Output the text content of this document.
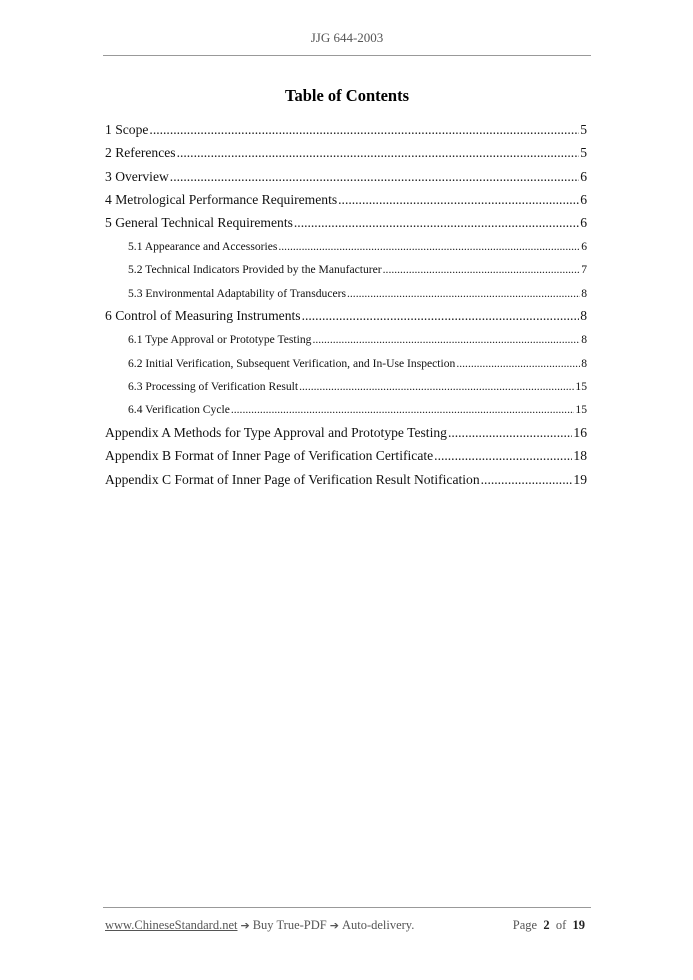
JJG 644-2003
Table of Contents
1 Scope .....	5
2 References .....	5
3 Overview .....	6
4 Metrological Performance Requirements .....	6
5 General Technical Requirements .....	6
5.1 Appearance and Accessories .....	6
5.2 Technical Indicators Provided by the Manufacturer .....	7
5.3 Environmental Adaptability of Transducers .....	8
6 Control of Measuring Instruments .....	8
6.1 Type Approval or Prototype Testing .....	8
6.2 Initial Verification, Subsequent Verification, and In-Use Inspection .....	8
6.3 Processing of Verification Result .....	15
6.4 Verification Cycle .....	15
Appendix A Methods for Type Approval and Prototype Testing .....	16
Appendix B Format of Inner Page of Verification Certificate .....	18
Appendix C Format of Inner Page of Verification Result Notification .....	19
www.ChineseStandard.net ➔ Buy True-PDF ➔ Auto-delivery.	Page 2 of 19
